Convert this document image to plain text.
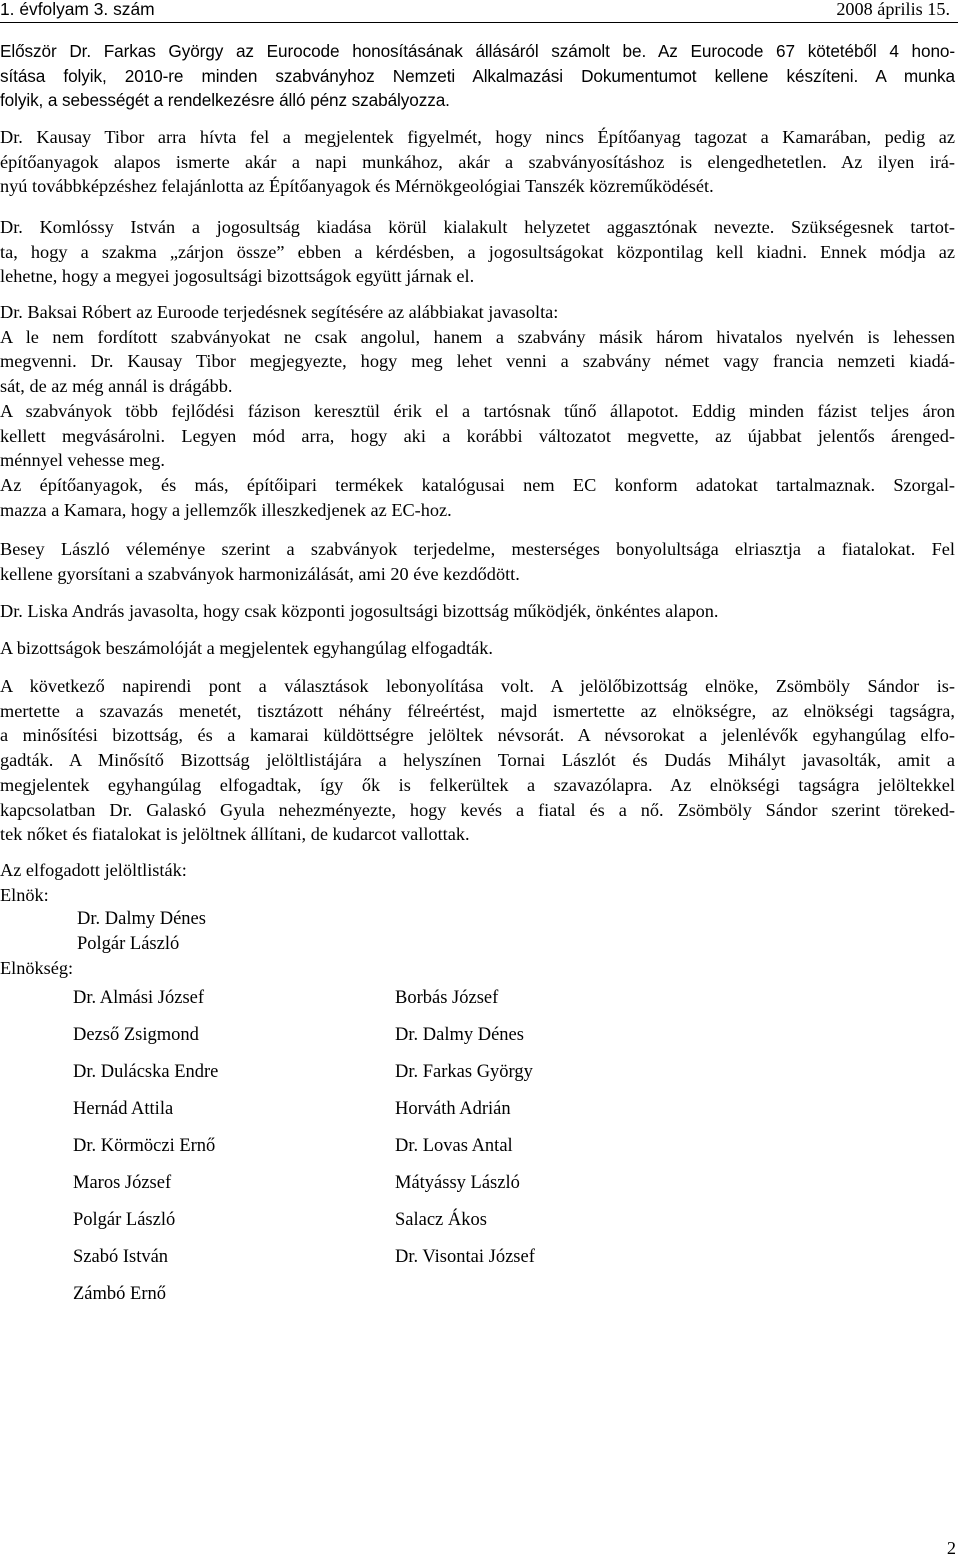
1. évfolyam 3. szám	2008 április 15.
Először Dr. Farkas György az Eurocode honosításának állásáról számolt be. Az Eurocode 67 kötetéből 4 hono-
sítása folyik, 2010-re minden szabványhoz Nemzeti Alkalmazási Dokumentumot kellene készíteni. A munka
folyik, a sebességét a rendelkezésre álló pénz szabályozza.
Dr. Kausay Tibor arra hívta fel a megjelentek figyelmét, hogy nincs Építőanyag tagozat a Kamarában, pedig az
építőanyagok alapos ismerte akár a napi munkához, akár a szabványosításhoz is elengedhetetlen. Az ilyen irá-
nyú továbbképzéshez felajánlotta az Építőanyagok és Mérnökgeológiai Tanszék közreműködését.
Dr. Komlóssy István a jogosultság kiadása körül kialakult helyzetet aggasztónak nevezte. Szükségesnek tartot-
ta, hogy a szakma „zárjon össze” ebben a kérdésben, a jogosultságokat központilag kell kiadni. Ennek módja az
lehetne, hogy a megyei jogosultsági bizottságok együtt járnak el.
Dr. Baksai Róbert az Euroode terjedésnek segítésére az alábbiakat javasolta:
A le nem fordított szabványokat ne csak angolul, hanem a szabvány másik három hivatalos nyelvén is lehessen
megvenni. Dr. Kausay Tibor megjegyezte, hogy meg lehet venni a szabvány német vagy francia nemzeti kiadá-
sát, de az még annál is drágább.
A szabványok több fejlődési fázison keresztül érik el a tartósnak tűnő állapotot. Eddig minden fázist teljes áron
kellett megvásárolni. Legyen mód arra, hogy aki a korábbi változatot megvette, az újabbat jelentős árenged-
ménnyel vehesse meg.
Az építőanyagok, és más, építőipari termékek katalógusai nem EC konform adatokat tartalmaznak. Szorgal-
mazza a Kamara, hogy a jellemzők illeszkedjenek az EC-hoz.
Besey László véleménye szerint a szabványok terjedelme, mesterséges bonyolultsága elriasztja a fiatalokat. Fel
kellene gyorsítani a szabványok harmonizálását, ami 20 éve kezdődött.
Dr. Liska András javasolta, hogy csak központi jogosultsági bizottság működjék, önkéntes alapon.
A bizottságok beszámolóját a megjelentek egyhangúlag elfogadták.
A következő napirendi pont a választások lebonyolítása volt. A jelölőbizottság elnöke, Zsömböly Sándor is-
mertette a szavazás menetét, tisztázott néhány félreértést, majd ismertette az elnökségre, az elnökségi tagságra,
a minősítési bizottság, és a kamarai küldöttségre jelöltek névsorát. A névsorokat a jelenlévők egyhangúlag elfo-
gadták. A Minősítő Bizottság jelöltlistájára a helyszínen Tornai Lászlót és Dudás Mihályt javasolták, amit a
megjelentek egyhangúlag elfogadtak, így ők is felkerültek a szavazólapra. Az elnökségi tagságra jelöltekkel
kapcsolatban Dr. Galaskó Gyula nehezményezte, hogy kevés a fiatal és a nő. Zsömböly Sándor szerint töreked-
tek nőket és fiatalokat is jelöltnek állítani, de kudarcot vallottak.
Az elfogadott jelöltlisták:
Elnök:
Dr. Dalmy Dénes
Polgár László
Elnökség:
Dr. Almási József
Dezső Zsigmond
Dr. Dulácska Endre
Hernád Attila
Dr. Körmöczi Ernő
Maros József
Polgár László
Szabó István
Zámbó Ernő
Borbás József
Dr. Dalmy Dénes
Dr. Farkas György
Horváth Adrián
Dr. Lovas Antal
Mátyássy László
Salacz Ákos
Dr. Visontai József
2
